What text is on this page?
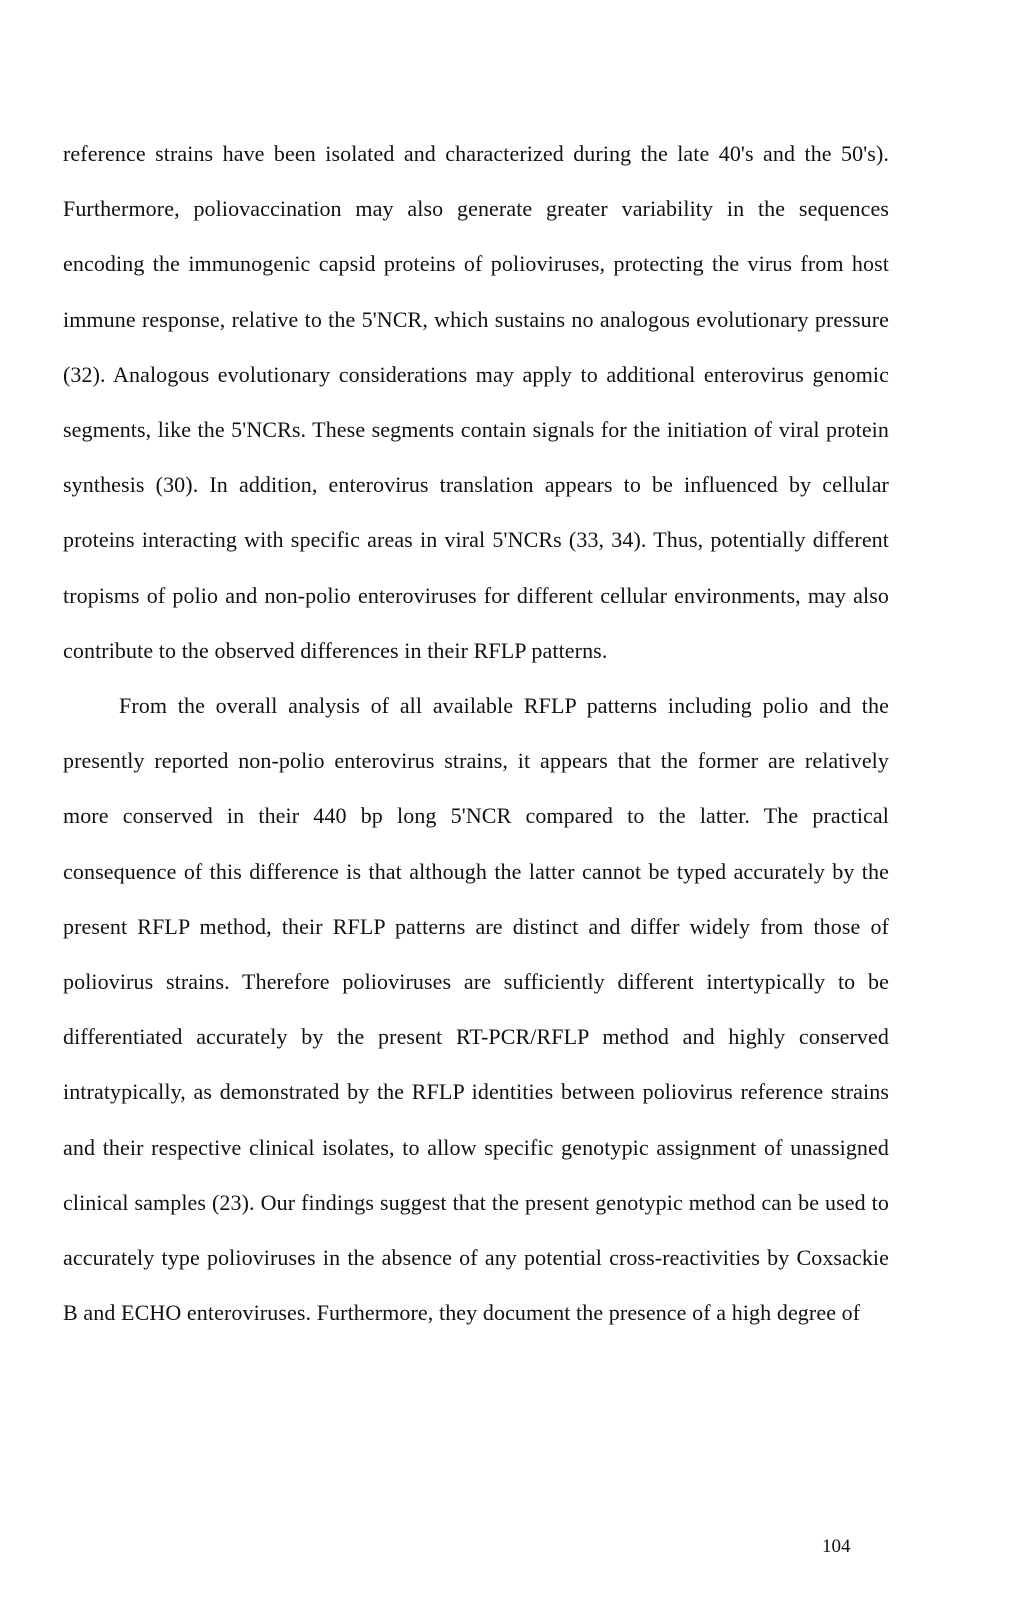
reference strains have been isolated and characterized during the late 40's and the 50's). Furthermore, poliovaccination may also generate greater variability in the sequences encoding the immunogenic capsid proteins of polioviruses, protecting the virus from host immune response, relative to the 5'NCR, which sustains no analogous evolutionary pressure (32). Analogous evolutionary considerations may apply to additional enterovirus genomic segments, like the 5'NCRs. These segments contain signals for the initiation of viral protein synthesis (30). In addition, enterovirus translation appears to be influenced by cellular proteins interacting with specific areas in viral 5'NCRs (33, 34). Thus, potentially different tropisms of polio and non-polio enteroviruses for different cellular environments, may also contribute to the observed differences in their RFLP patterns.

From the overall analysis of all available RFLP patterns including polio and the presently reported non-polio enterovirus strains, it appears that the former are relatively more conserved in their 440 bp long 5'NCR compared to the latter. The practical consequence of this difference is that although the latter cannot be typed accurately by the present RFLP method, their RFLP patterns are distinct and differ widely from those of poliovirus strains. Therefore polioviruses are sufficiently different intertypically to be differentiated accurately by the present RT-PCR/RFLP method and highly conserved intratypically, as demonstrated by the RFLP identities between poliovirus reference strains and their respective clinical isolates, to allow specific genotypic assignment of unassigned clinical samples (23). Our findings suggest that the present genotypic method can be used to accurately type polioviruses in the absence of any potential cross-reactivities by Coxsackie B and ECHO enteroviruses. Furthermore, they document the presence of a high degree of

104
